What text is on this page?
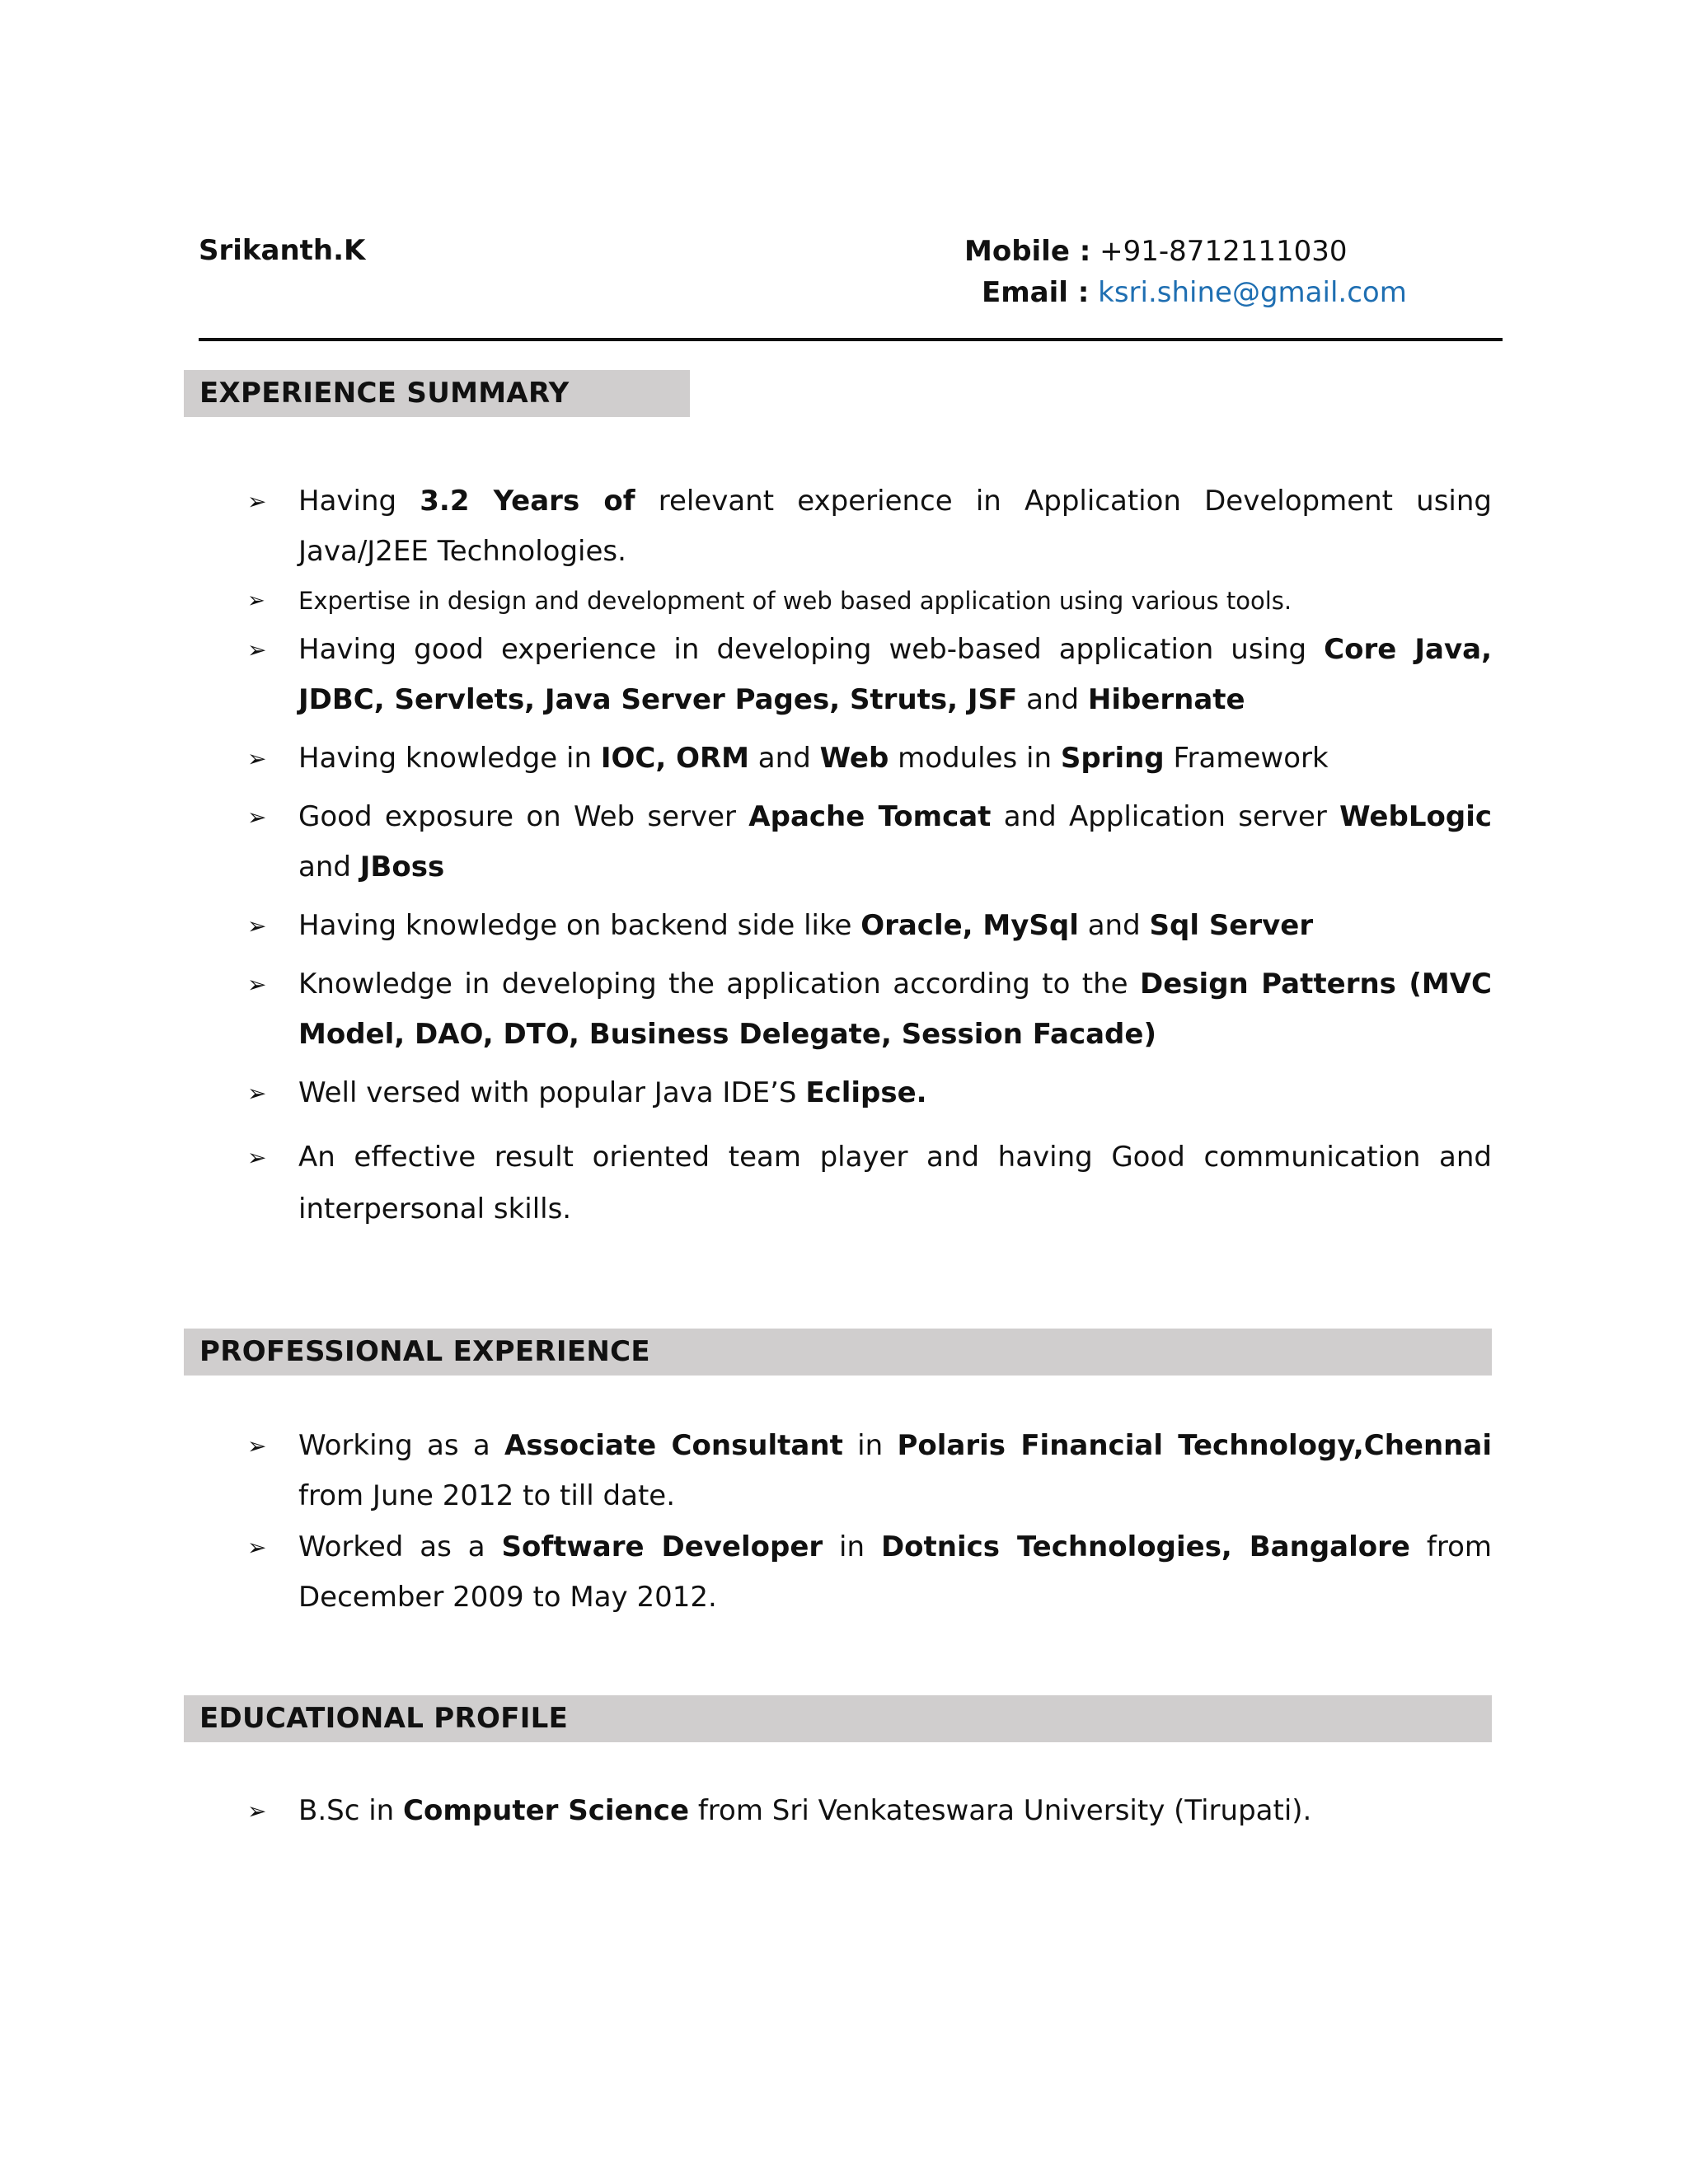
Srikanth.K	Mobile : +91-8712111030
Email : ksri.shine@gmail.com
EXPERIENCE SUMMARY
➢ Having 3.2 Years of relevant experience in Application Development using Java/J2EE Technologies.
➢ Expertise in design and development of web based application using various tools.
➢ Having good experience in developing web-based application using Core Java, JDBC, Servlets, Java Server Pages, Struts, JSF and Hibernate
➢ Having knowledge in IOC, ORM and Web modules in Spring Framework
➢ Good exposure on Web server Apache Tomcat and Application server WebLogic and JBoss
➢ Having knowledge on backend side like Oracle, MySql and Sql Server
➢ Knowledge in developing the application according to the Design Patterns (MVC Model, DAO, DTO, Business Delegate, Session Facade)
➢ Well versed with popular Java IDE’S Eclipse.
➢ An effective result oriented team player and having Good communication and interpersonal skills.
PROFESSIONAL EXPERIENCE
➢ Working as a Associate Consultant in Polaris Financial Technology,Chennai from June 2012 to till date.
➢ Worked as a Software Developer in Dotnics Technologies, Bangalore from December 2009 to May 2012.
EDUCATIONAL PROFILE
➢ B.Sc in Computer Science from Sri Venkateswara University (Tirupati).
